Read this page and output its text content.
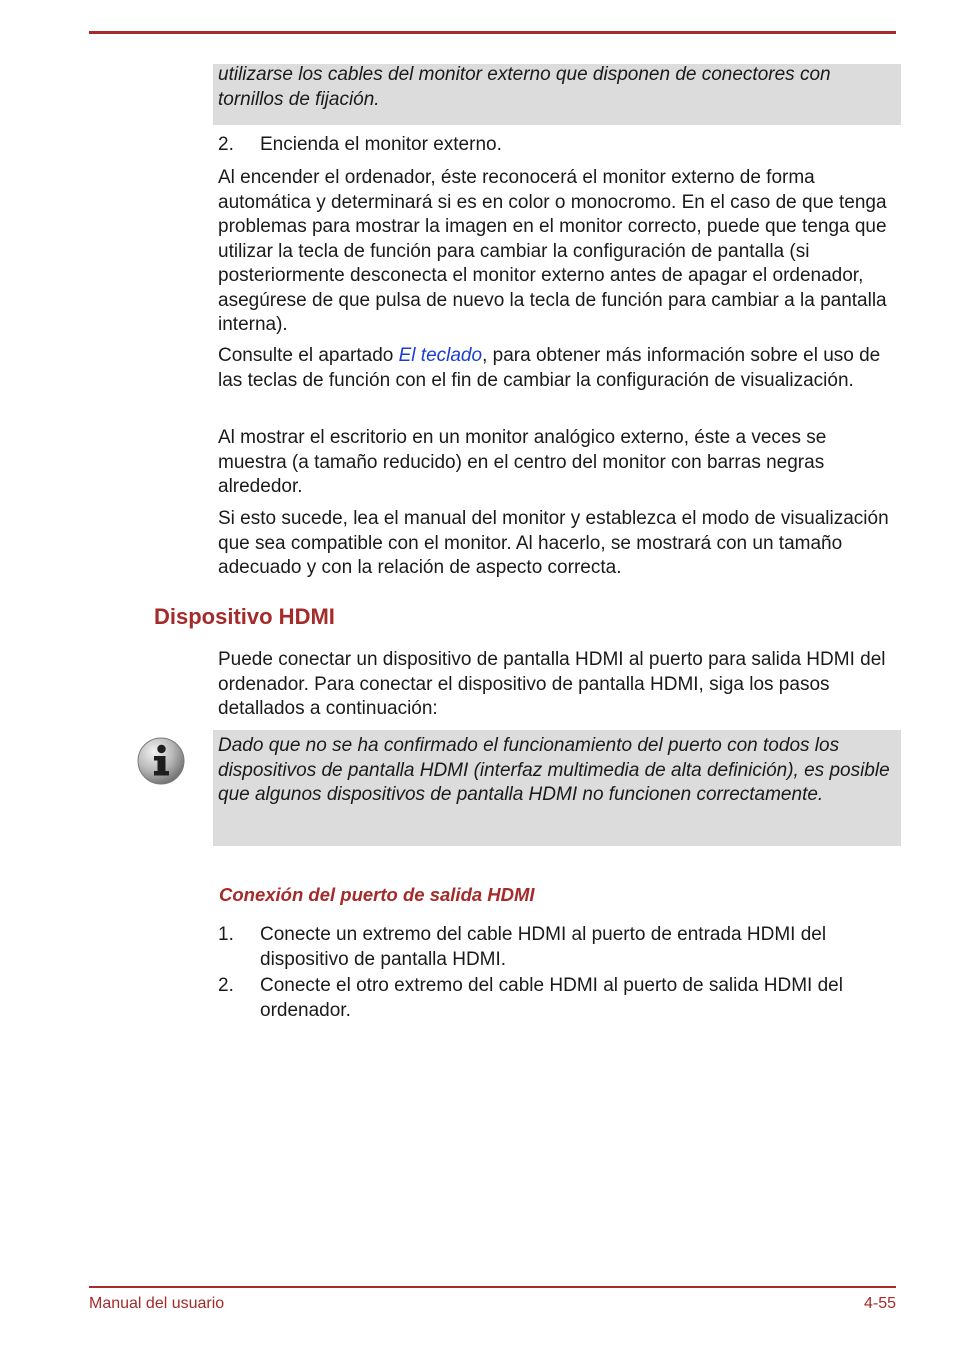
utilizarse los cables del monitor externo que disponen de conectores con tornillos de fijación.

2. Encienda el monitor externo.

Al encender el ordenador, éste reconocerá el monitor externo de forma automática y determinará si es en color o monocromo. En el caso de que tenga problemas para mostrar la imagen en el monitor correcto, puede que tenga que utilizar la tecla de función para cambiar la configuración de pantalla (si posteriormente desconecta el monitor externo antes de apagar el ordenador, asegúrese de que pulsa de nuevo la tecla de función para cambiar a la pantalla interna).

Consulte el apartado El teclado, para obtener más información sobre el uso de las teclas de función con el fin de cambiar la configuración de visualización.

Al mostrar el escritorio en un monitor analógico externo, éste a veces se muestra (a tamaño reducido) en el centro del monitor con barras negras alrededor.

Si esto sucede, lea el manual del monitor y establezca el modo de visualización que sea compatible con el monitor. Al hacerlo, se mostrará con un tamaño adecuado y con la relación de aspecto correcta.

Dispositivo HDMI

Puede conectar un dispositivo de pantalla HDMI al puerto para salida HDMI del ordenador. Para conectar el dispositivo de pantalla HDMI, siga los pasos detallados a continuación:

Dado que no se ha confirmado el funcionamiento del puerto con todos los dispositivos de pantalla HDMI (interfaz multimedia de alta definición), es posible que algunos dispositivos de pantalla HDMI no funcionen correctamente.

Conexión del puerto de salida HDMI
1. Conecte un extremo del cable HDMI al puerto de entrada HDMI del dispositivo de pantalla HDMI.
2. Conecte el otro extremo del cable HDMI al puerto de salida HDMI del ordenador.

Manual del usuario	4-55
